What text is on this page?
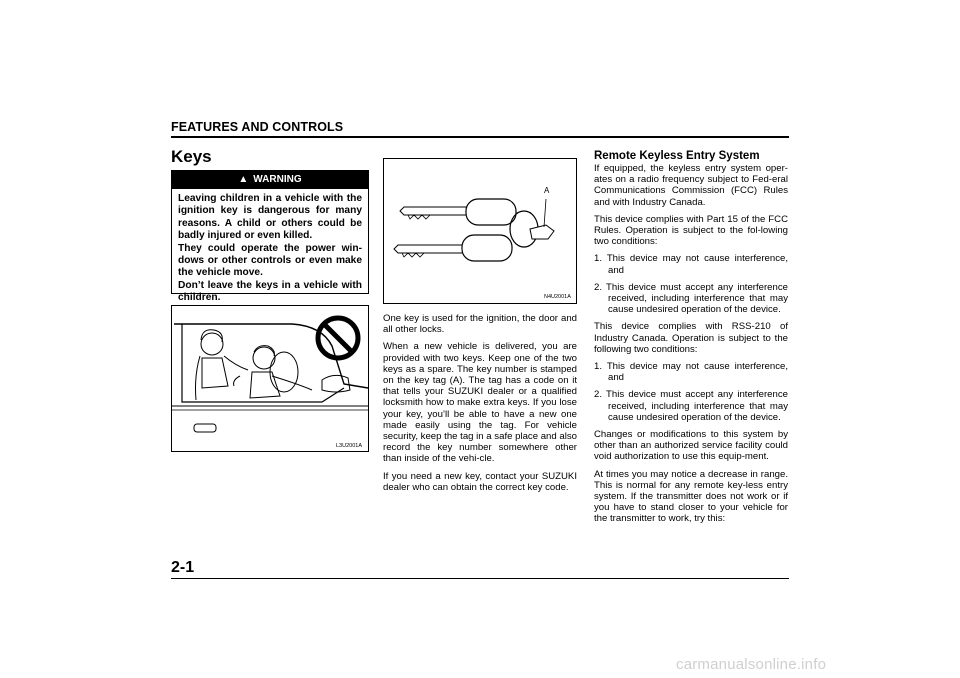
FEATURES AND CONTROLS
Keys
▲ WARNING

Leaving children in a vehicle with the ignition key is dangerous for many reasons. A child or others could be badly injured or even killed.

They could operate the power win-dows or other controls or even make the vehicle move.

Don’t leave the keys in a vehicle with children.

L3U2001A
A
N4U2001A

One key is used for the ignition, the door and all other locks.

When a new vehicle is delivered, you are provided with two keys. Keep one of the two keys as a spare. The key number is stamped on the key tag (A). The tag has a code on it that tells your SUZUKI dealer or a qualified locksmith how to make extra keys. If you lose your key, you’ll be able to have a new one made easily using the tag. For vehicle security, keep the tag in a safe place and also record the key number somewhere other than inside of the vehi-cle.

If you need a new key, contact your SUZUKI dealer who can obtain the correct key code.

Remote Keyless Entry System

If equipped, the keyless entry system oper-ates on a radio frequency subject to Fed-eral Communications Commission (FCC) Rules and with Industry Canada.

This device complies with Part 15 of the FCC Rules. Operation is subject to the fol-lowing two conditions:

1. This device may not cause interference, and

2. This device must accept any interference received, including interference that may cause undesired operation of the device.

This device complies with RSS-210 of Industry Canada. Operation is subject to the following two conditions:

1. This device may not cause interference, and

2. This device must accept any interference received, including interference that may cause undesired operation of the device.

Changes or modifications to this system by other than an authorized service facility could void authorization to use this equip-ment.

At times you may notice a decrease in range. This is normal for any remote key-less entry system. If the transmitter does not work or if you have to stand closer to your vehicle for the transmitter to work, try this:

2-1
carmanualsonline.info
